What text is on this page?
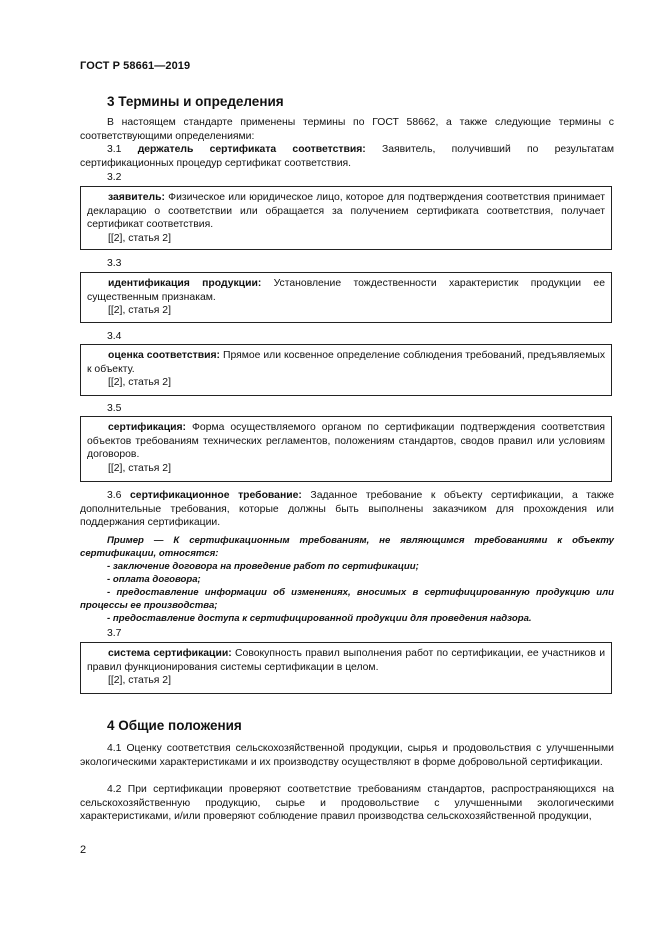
ГОСТ Р 58661—2019
3 Термины и определения
В настоящем стандарте применены термины по ГОСТ 58662, а также следующие термины с соответствующими определениями:
3.1 держатель сертификата соответствия: Заявитель, получивший по результатам сертификационных процедур сертификат соответствия.
3.2
заявитель: Физическое или юридическое лицо, которое для подтверждения соответствия принимает декларацию о соответствии или обращается за получением сертификата соответствия, получает сертификат соответствия.
[[2], статья 2]
3.3
идентификация продукции: Установление тождественности характеристик продукции ее существенным признакам.
[[2], статья 2]
3.4
оценка соответствия: Прямое или косвенное определение соблюдения требований, предъявляемых к объекту.
[[2], статья 2]
3.5
сертификация: Форма осуществляемого органом по сертификации подтверждения соответствия объектов требованиям технических регламентов, положениям стандартов, сводов правил или условиям договоров.
[[2], статья 2]
3.6 сертификационное требование: Заданное требование к объекту сертификации, а также дополнительные требования, которые должны быть выполнены заказчиком для прохождения или поддержания сертификации.
Пример — К сертификационным требованиям, не являющимся требованиями к объекту сертификации, относятся:
- заключение договора на проведение работ по сертификации;
- оплата договора;
- предоставление информации об изменениях, вносимых в сертифицированную продукцию или процессы ее производства;
- предоставление доступа к сертифицированной продукции для проведения надзора.
3.7
система сертификации: Совокупность правил выполнения работ по сертификации, ее участников и правил функционирования системы сертификации в целом.
[[2], статья 2]
4 Общие положения
4.1 Оценку соответствия сельскохозяйственной продукции, сырья и продовольствия с улучшенными экологическими характеристиками и их производству осуществляют в форме добровольной сертификации.
4.2 При сертификации проверяют соответствие требованиям стандартов, распространяющихся на сельскохозяйственную продукцию, сырье и продовольствие с улучшенными экологическими характеристиками, и/или проверяют соблюдение правил производства сельскохозяйственной продукции,
2
